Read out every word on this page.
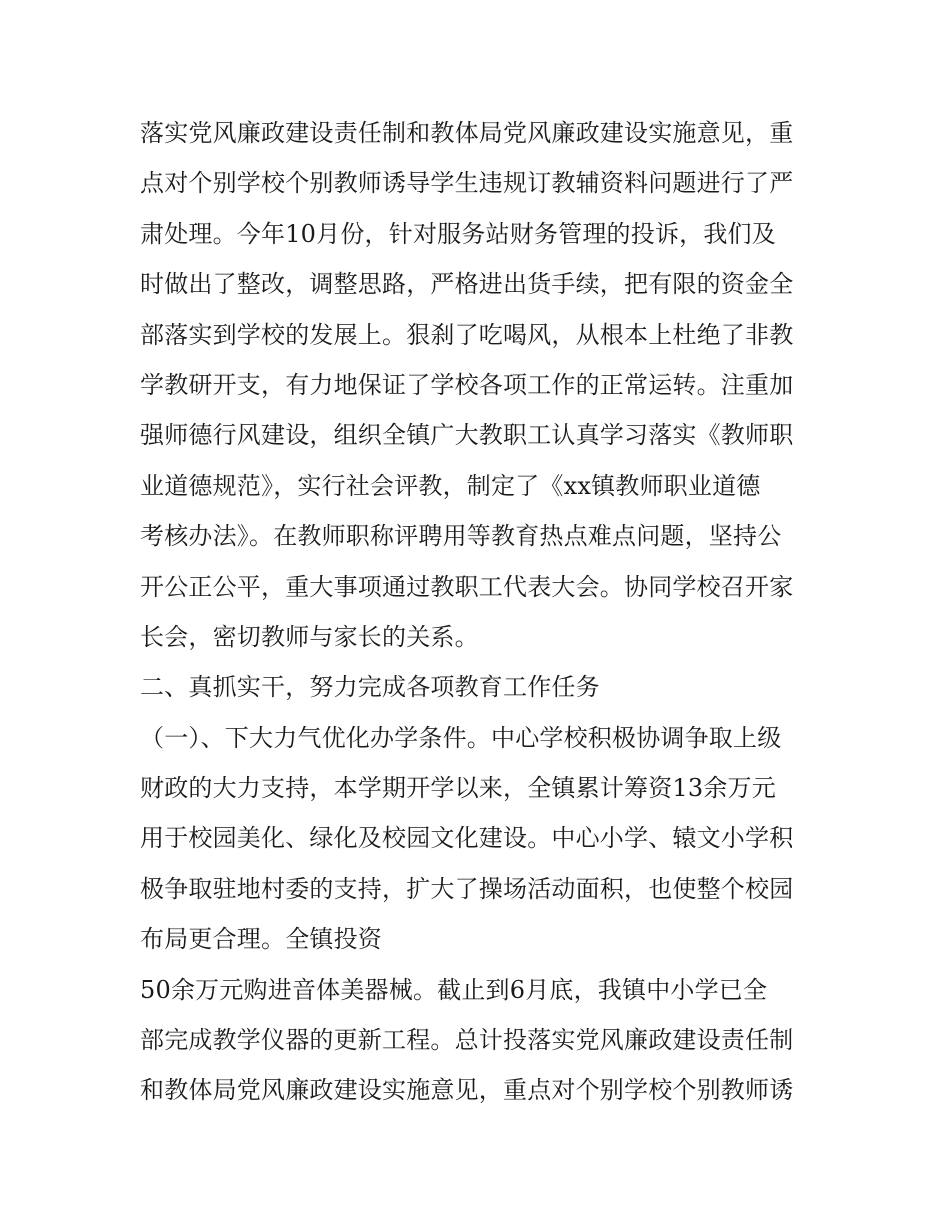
落实党风廉政建设责任制和教体局党风廉政建设实施意见，重
点对个别学校个别教师诱导学生违规订教辅资料问题进行了严
肃处理。今年10月份，针对服务站财务管理的投诉，我们及
时做出了整改，调整思路，严格进出货手续，把有限的资金全
部落实到学校的发展上。狠刹了吃喝风，从根本上杜绝了非教
学教研开支，有力地保证了学校各项工作的正常运转。注重加
强师德行风建设，组织全镇广大教职工认真学习落实《教师职
业道德规范》，实行社会评教，制定了《xx镇教师职业道德
考核办法》。在教师职称评聘用等教育热点难点问题，坚持公
开公正公平，重大事项通过教职工代表大会。协同学校召开家
长会，密切教师与家长的关系。
二、真抓实干，努力完成各项教育工作任务
（一）、下大力气优化办学条件。中心学校积极协调争取上级
财政的大力支持，本学期开学以来，全镇累计筹资13余万元
用于校园美化、绿化及校园文化建设。中心小学、辕文小学积
极争取驻地村委的支持，扩大了操场活动面积，也使整个校园
布局更合理。全镇投资
50余万元购进音体美器械。截止到6月底，我镇中小学已全
部完成教学仪器的更新工程。总计投落实党风廉政建设责任制
和教体局党风廉政建设实施意见，重点对个别学校个别教师诱
